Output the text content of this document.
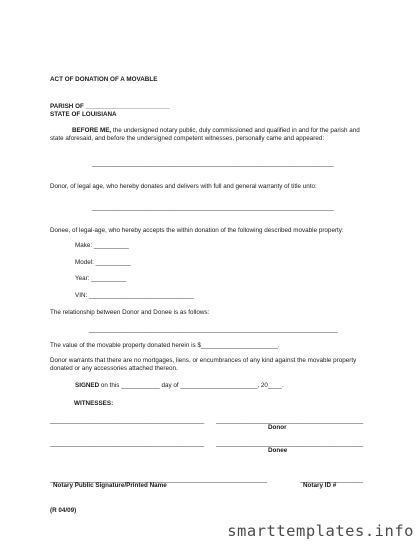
ACT OF DONATION OF A MOVABLE
PARISH OF ________________________
STATE OF LOUISIANA
BEFORE ME, the undersigned notary public, duly commissioned and qualified in and for the parish and state aforesaid, and before the undersigned competent witnesses, personally came and appeared:
_____________________________________________________________________
Donor, of legal age, who hereby donates and delivers with full and general warranty of title unto:
_____________________________________________________________________
Donee, of legal-age, who hereby accepts the within donation of the following described movable property:
Make: __________
Model: __________
Year: __________
VIN: ______________________________
The relationship between Donor and Donee is as follows:
_______________________________________________________________________
The value of the movable property donated herein is $______________________.
Donor warrants that there are no mortgages, liens, or encumbrances of any kind against the movable property donated or any accessories attached thereon.
SIGNED on this ___________ day of ______________________, 20____.
WITNESSES:
____________________________________________ __________________________________________
Donor
____________________________________________ __________________________________________
Donee
______________________________________________________________	__________________
Notary Public Signature/Printed Name	Notary ID #
(R 04/09)
smarttemplates.info
